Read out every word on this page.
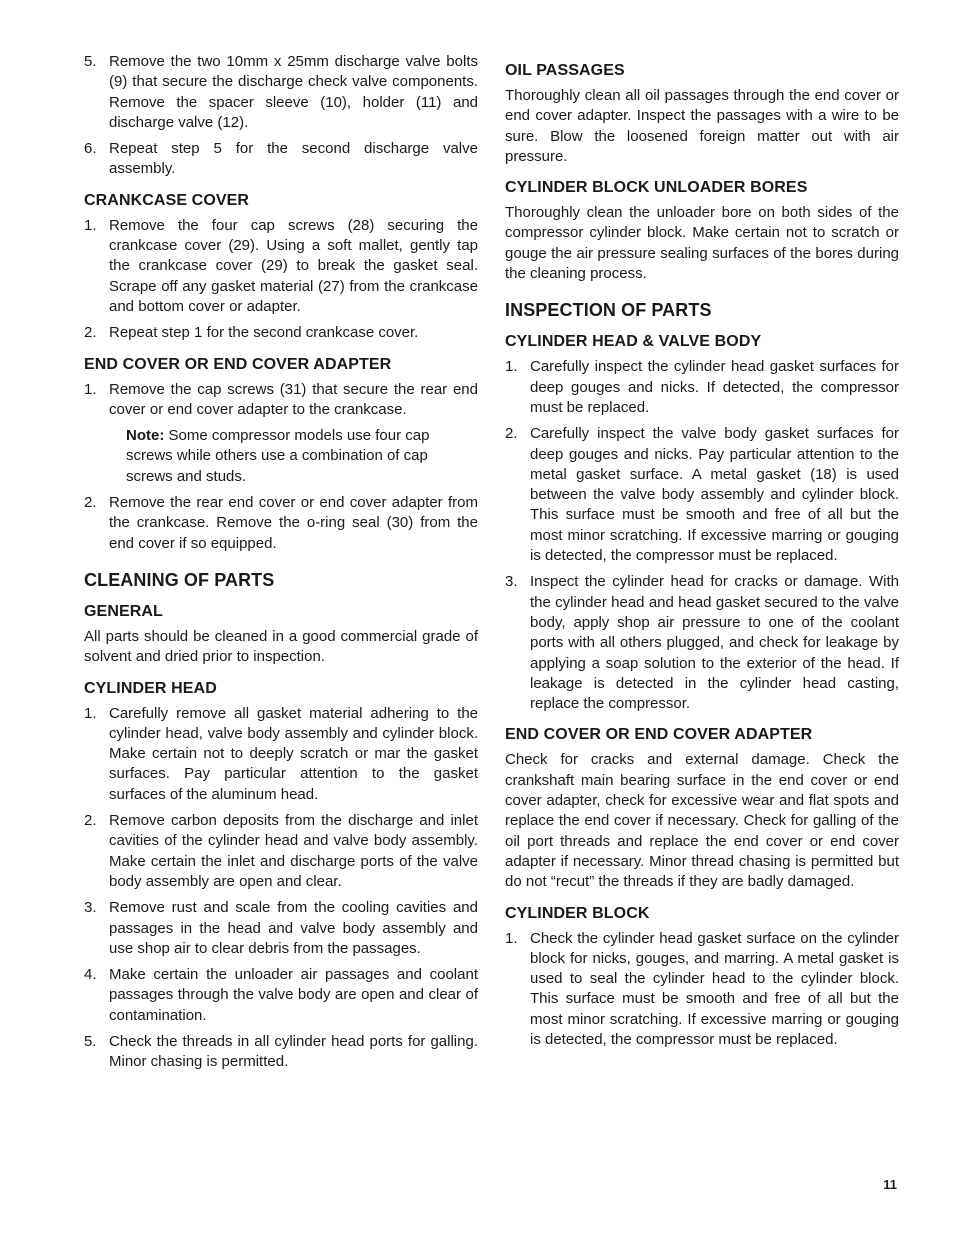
5. Remove the two 10mm x 25mm discharge valve bolts (9) that secure the discharge check valve components. Remove the spacer sleeve (10), holder (11) and discharge valve (12).
6. Repeat step 5 for the second discharge valve assembly.
CRANKCASE COVER
1. Remove the four cap screws (28) securing the crankcase cover (29). Using a soft mallet, gently tap the crankcase cover (29) to break the gasket seal. Scrape off any gasket material (27) from the crankcase and bottom cover or adapter.
2. Repeat step 1 for the second crankcase cover.
END COVER OR END COVER ADAPTER
1. Remove the cap screws (31) that secure the rear end cover or end cover adapter to the crankcase.
Note: Some compressor models use four cap screws while others use a combination of cap screws and studs.
2. Remove the rear end cover or end cover adapter from the crankcase. Remove the o-ring seal (30) from the end cover if so equipped.
CLEANING OF PARTS
GENERAL

All parts should be cleaned in a good commercial grade of solvent and dried prior to inspection.

CYLINDER HEAD
1. Carefully remove all gasket material adhering to the cylinder head, valve body assembly and cylinder block. Make certain not to deeply scratch or mar the gasket surfaces. Pay particular attention to the gasket surfaces of the aluminum head.
2. Remove carbon deposits from the discharge and inlet cavities of the cylinder head and valve body assembly. Make certain the inlet and discharge ports of the valve body assembly are open and clear.
3. Remove rust and scale from the cooling cavities and passages in the head and valve body assembly and use shop air to clear debris from the passages.
4. Make certain the unloader air passages and coolant passages through the valve body are open and clear of contamination.
5. Check the threads in all cylinder head ports for galling. Minor chasing is permitted.
OIL PASSAGES

Thoroughly clean all oil passages through the end cover or end cover adapter. Inspect the passages with a wire to be sure. Blow the loosened foreign matter out with air pressure.

CYLINDER BLOCK UNLOADER BORES

Thoroughly clean the unloader bore on both sides of the compressor cylinder block. Make certain not to scratch or gouge the air pressure sealing surfaces of the bores during the cleaning process.

INSPECTION OF PARTS
CYLINDER HEAD & VALVE BODY
1. Carefully inspect the cylinder head gasket surfaces for deep gouges and nicks. If detected, the compressor must be replaced.
2. Carefully inspect the valve body gasket surfaces for deep gouges and nicks. Pay particular attention to the metal gasket surface. A metal gasket (18) is used between the valve body assembly and cylinder block. This surface must be smooth and free of all but the most minor scratching. If excessive marring or gouging is detected, the compressor must be replaced.
3. Inspect the cylinder head for cracks or damage. With the cylinder head and head gasket secured to the valve body, apply shop air pressure to one of the coolant ports with all others plugged, and check for leakage by applying a soap solution to the exterior of the head. If leakage is detected in the cylinder head casting, replace the compressor.
END COVER OR END COVER ADAPTER

Check for cracks and external damage. Check the crankshaft main bearing surface in the end cover or end cover adapter, check for excessive wear and flat spots and replace the end cover if necessary. Check for galling of the oil port threads and replace the end cover or end cover adapter if necessary. Minor thread chasing is permitted but do not “recut” the threads if they are badly damaged.

CYLINDER BLOCK
1. Check the cylinder head gasket surface on the cylinder block for nicks, gouges, and marring. A metal gasket is used to seal the cylinder head to the cylinder block. This surface must be smooth and free of all but the most minor scratching. If excessive marring or gouging is detected, the compressor must be replaced.
11
